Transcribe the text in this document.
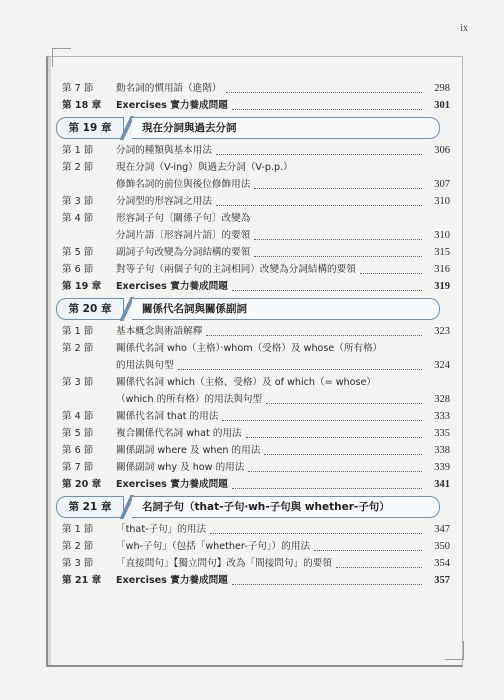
ix
第 7 節	動名詞的慣用語（進階）	298
第 18 章	Exercises 實力養成問題	301
第 19 章	現在分詞與過去分詞
第 1 節	分詞的種類與基本用法	306
第 2 節	現在分詞（V-ing）與過去分詞（V-p.p.）
修飾名詞的前位與後位修飾用法	307
第 3 節	分詞型的形容詞之用法	310
第 4 節	形容詞子句〔關係子句〕改變為
分詞片語〔形容詞片語〕的要領	310
第 5 節	副詞子句改變為分詞結構的要領	315
第 6 節	對等子句（兩個子句的主詞相同）改變為分詞結構的要領	316
第 19 章	Exercises 實力養成問題	319
第 20 章	關係代名詞與關係副詞
第 1 節	基本概念與術語解釋	323
第 2 節	關係代名詞 who（主格）‧whom（受格）及 whose（所有格）
的用法與句型	324
第 3 節	關係代名詞 which（主格、受格）及 of which（= whose）
（which 的所有格）的用法與句型	328
第 4 節	關係代名詞 that 的用法	333
第 5 節	複合關係代名詞 what 的用法	335
第 6 節	關係副詞 where 及 when 的用法	338
第 7 節	關係副詞 why 及 how 的用法	339
第 20 章	Exercises 實力養成問題	341
第 21 章	名詞子句（that-子句‧wh-子句與 whether-子句）
第 1 節	「that-子句」的用法	347
第 2 節	「wh-子句」（包括「whether-子句」）的用法	350
第 3 節	「直接問句」【獨立問句】改為「間接問句」的要領	354
第 21 章	Exercises 實力養成問題	357
